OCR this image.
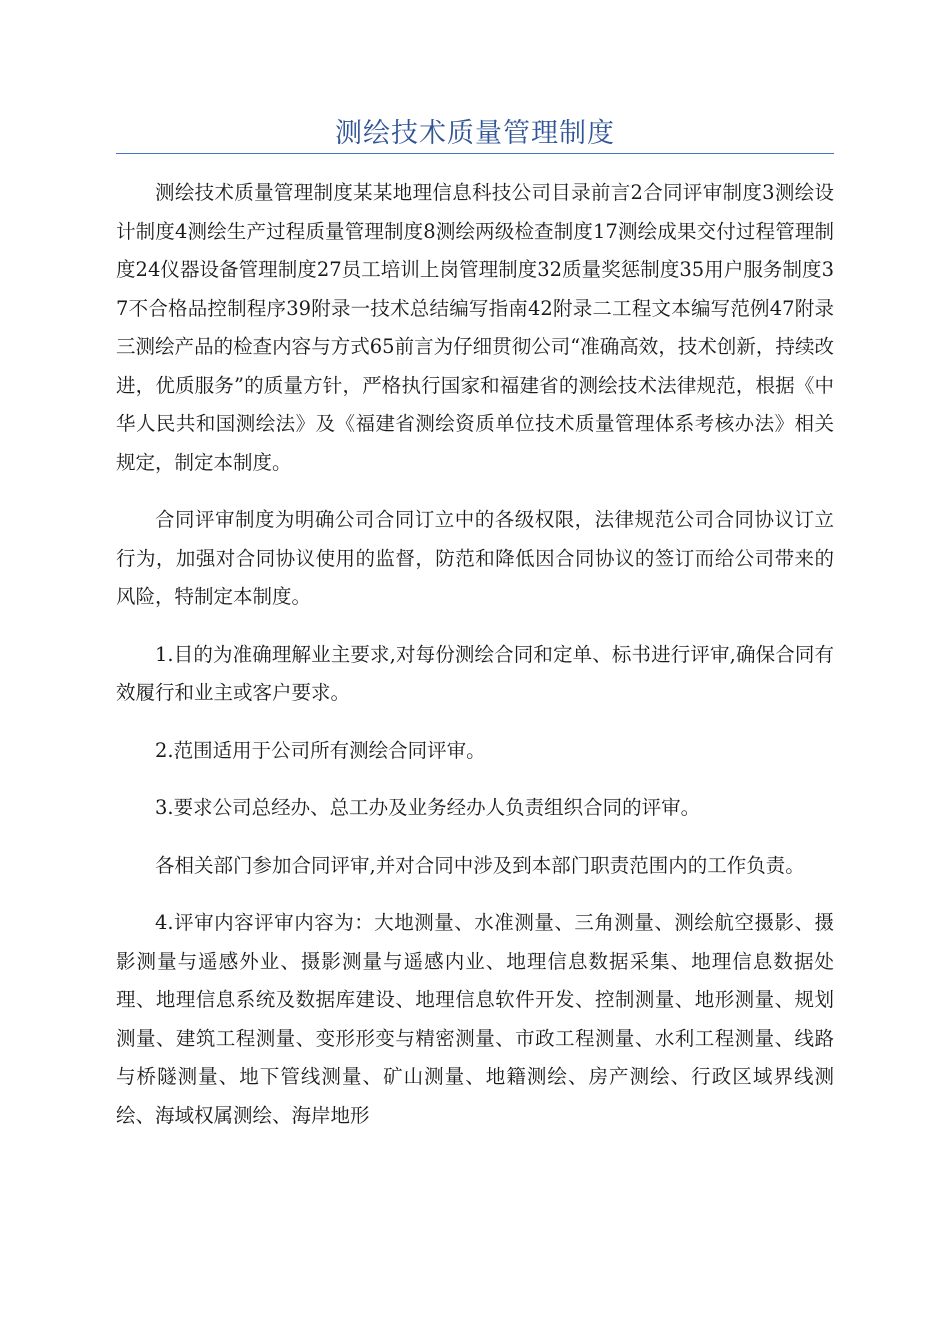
测绘技术质量管理制度

测绘技术质量管理制度某某地理信息科技公司目录前言2合同评审制度3测绘设计制度4测绘生产过程质量管理制度8测绘两级检查制度17测绘成果交付过程管理制度24仪器设备管理制度27员工培训上岗管理制度32质量奖惩制度35用户服务制度37不合格品控制程序39附录一技术总结编写指南42附录二工程文本编写范例47附录三测绘产品的检查内容与方式65前言为仔细贯彻公司“准确高效，技术创新，持续改进，优质服务”的质量方针，严格执行国家和福建省的测绘技术法律规范，根据《中华人民共和国测绘法》及《福建省测绘资质单位技术质量管理体系考核办法》相关规定，制定本制度。

合同评审制度为明确公司合同订立中的各级权限，法律规范公司合同协议订立行为，加强对合同协议使用的监督，防范和降低因合同协议的签订而给公司带来的风险，特制定本制度。

1.目的为准确理解业主要求,对每份测绘合同和定单、标书进行评审,确保合同有效履行和业主或客户要求。

2.范围适用于公司所有测绘合同评审。

3.要求公司总经办、总工办及业务经办人负责组织合同的评审。

各相关部门参加合同评审,并对合同中涉及到本部门职责范围内的工作负责。

4.评审内容评审内容为：大地测量、水准测量、三角测量、测绘航空摄影、摄影测量与遥感外业、摄影测量与遥感内业、地理信息数据采集、地理信息数据处理、地理信息系统及数据库建设、地理信息软件开发、控制测量、地形测量、规划测量、建筑工程测量、变形形变与精密测量、市政工程测量、水利工程测量、线路与桥隧测量、地下管线测量、矿山测量、地籍测绘、房产测绘、行政区域界线测绘、海域权属测绘、海岸地形
